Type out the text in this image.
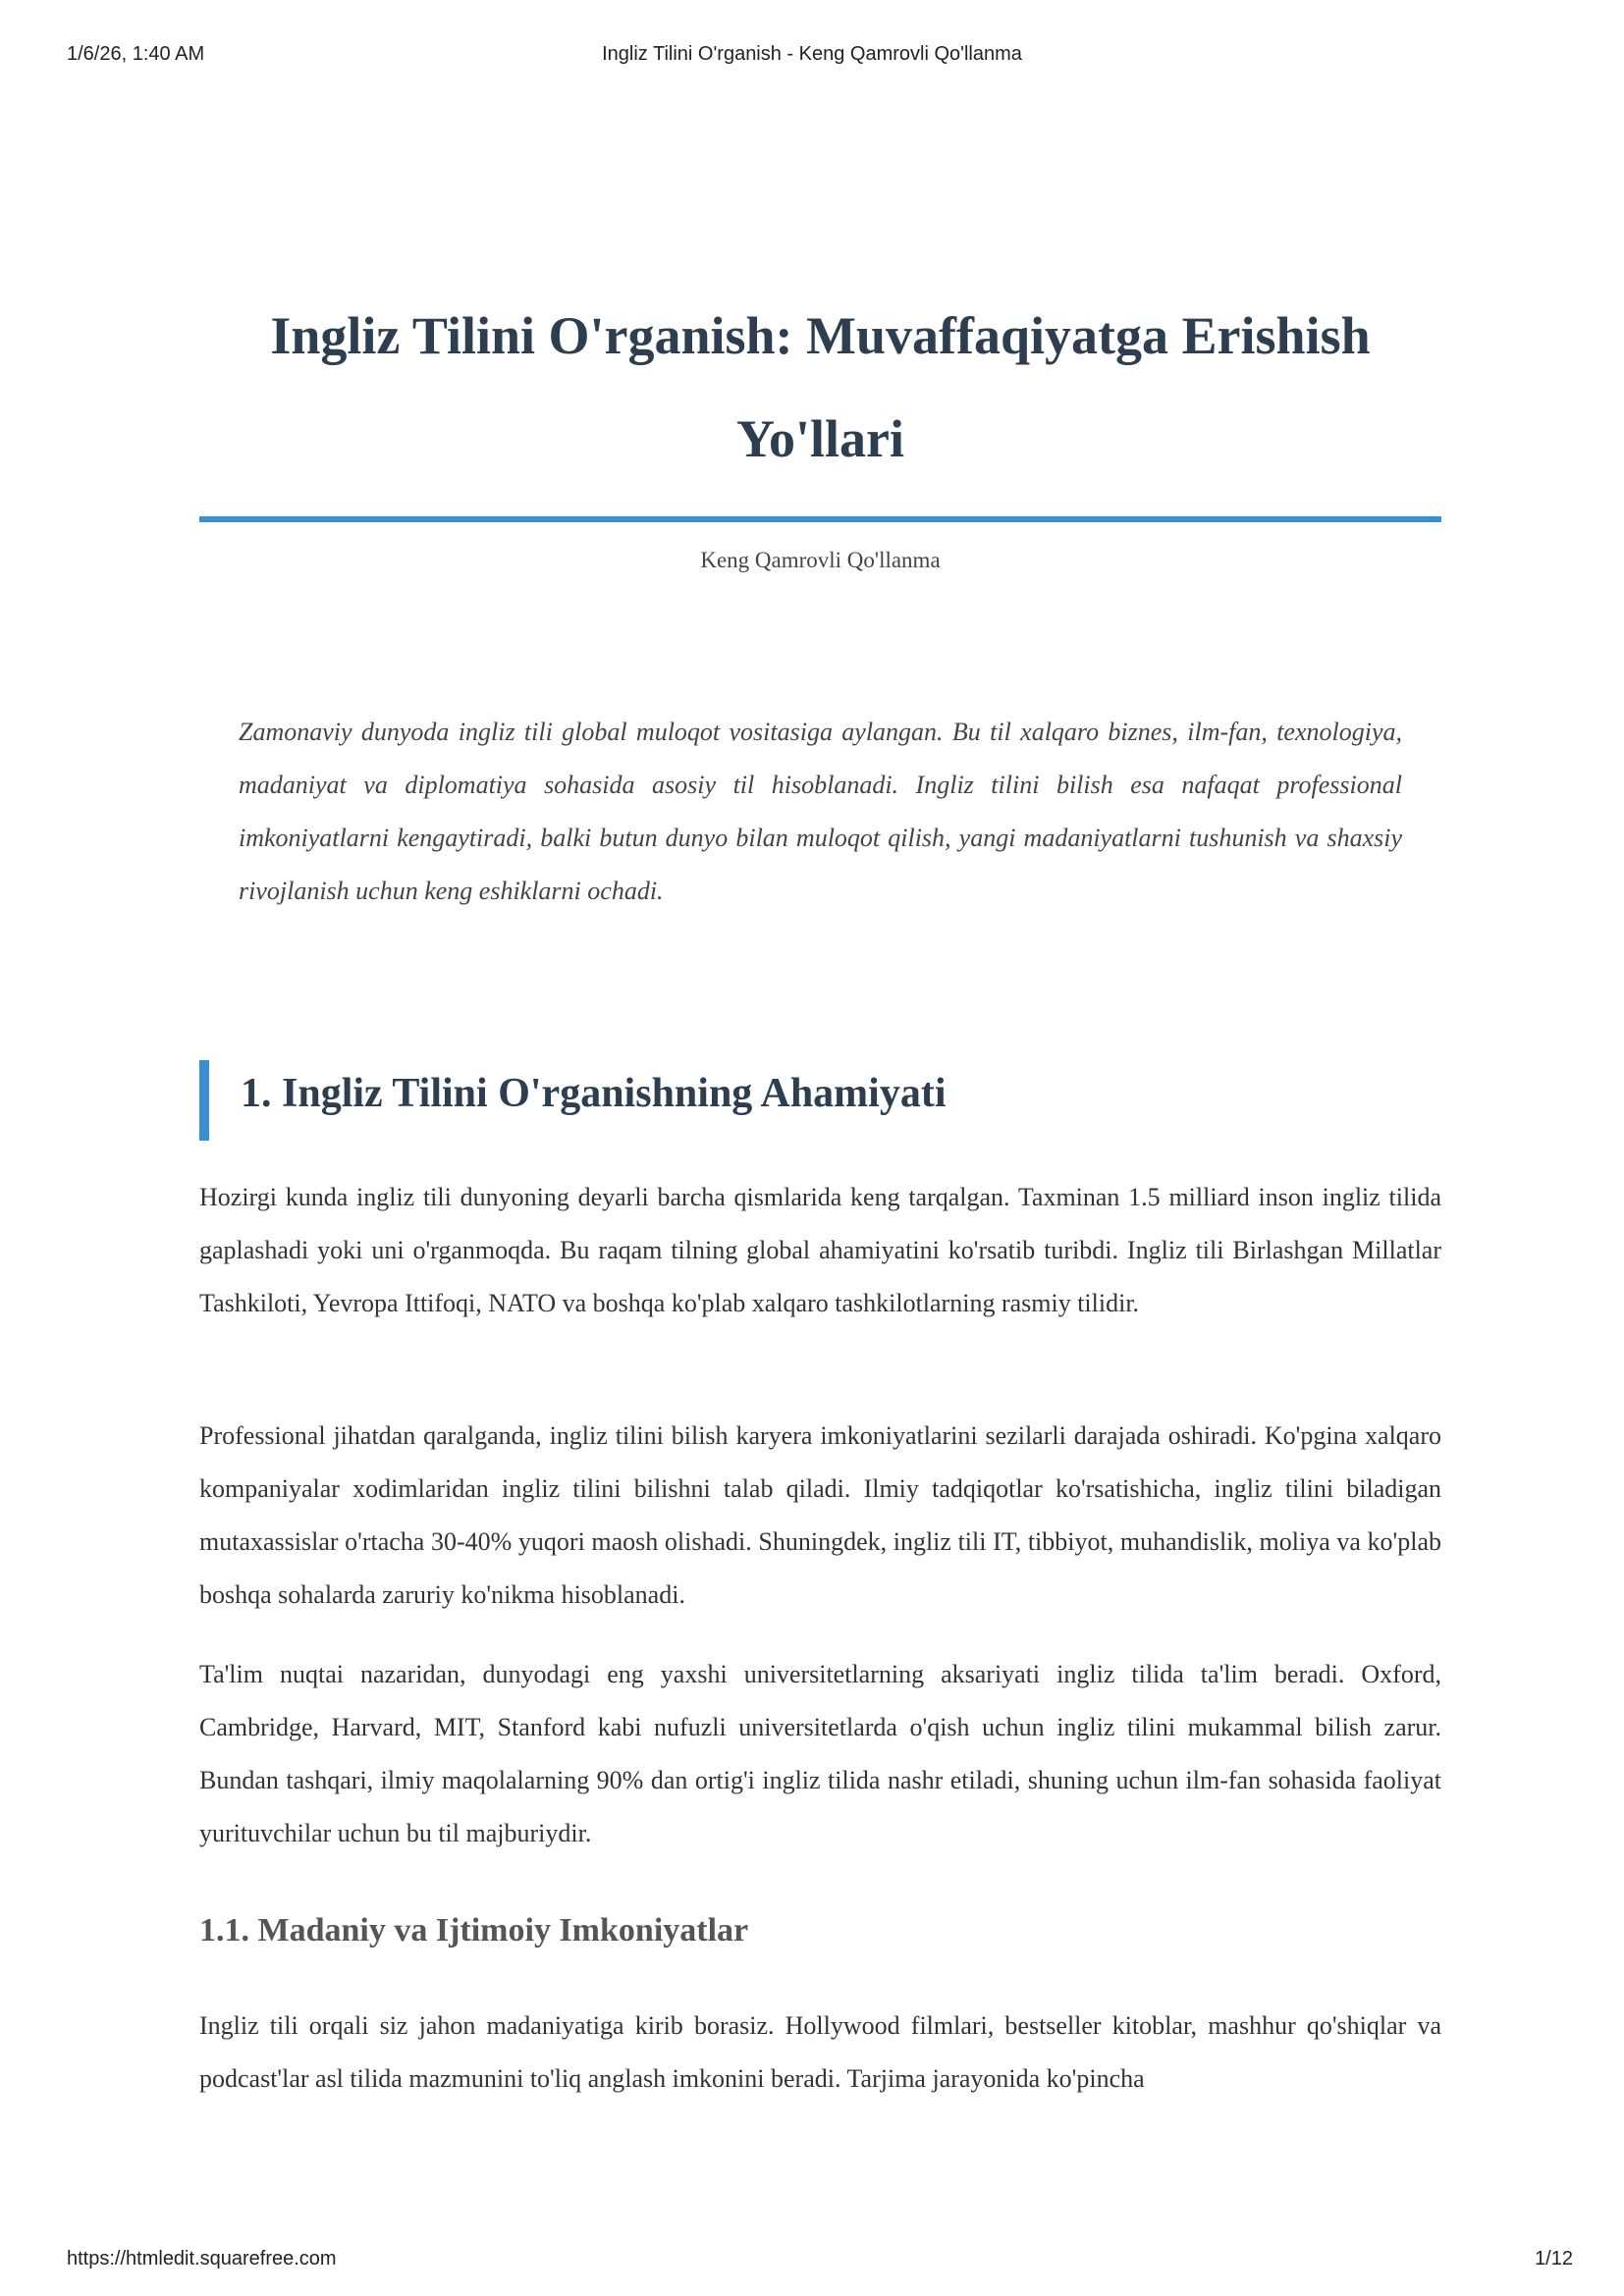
1/6/26, 1:40 AM	Ingliz Tilini O'rganish - Keng Qamrovli Qo'llanma
Ingliz Tilini O'rganish: Muvaffaqiyatga Erishish Yo'llari
Keng Qamrovli Qo'llanma

Zamonaviy dunyoda ingliz tili global muloqot vositasiga aylangan. Bu til xalqaro biznes, ilm-fan, texnologiya, madaniyat va diplomatiya sohasida asosiy til hisoblanadi. Ingliz tilini bilish esa nafaqat professional imkoniyatlarni kengaytiradi, balki butun dunyo bilan muloqot qilish, yangi madaniyatlarni tushunish va shaxsiy rivojlanish uchun keng eshiklarni ochadi.

1. Ingliz Tilini O'rganishning Ahamiyati

Hozirgi kunda ingliz tili dunyoning deyarli barcha qismlarida keng tarqalgan. Taxminan 1.5 milliard inson ingliz tilida gaplashadi yoki uni o'rganmoqda. Bu raqam tilning global ahamiyatini ko'rsatib turibdi. Ingliz tili Birlashgan Millatlar Tashkiloti, Yevropa Ittifoqi, NATO va boshqa ko'plab xalqaro tashkilotlarning rasmiy tilidir.

Professional jihatdan qaralganda, ingliz tilini bilish karyera imkoniyatlarini sezilarli darajada oshiradi. Ko'pgina xalqaro kompaniyalar xodimlaridan ingliz tilini bilishni talab qiladi. Ilmiy tadqiqotlar ko'rsatishicha, ingliz tilini biladigan mutaxassislar o'rtacha 30-40% yuqori maosh olishadi. Shuningdek, ingliz tili IT, tibbiyot, muhandislik, moliya va ko'plab boshqa sohalarda zaruriy ko'nikma hisoblanadi.

Ta'lim nuqtai nazaridan, dunyodagi eng yaxshi universitetlarning aksariyati ingliz tilida ta'lim beradi. Oxford, Cambridge, Harvard, MIT, Stanford kabi nufuzli universitetlarda o'qish uchun ingliz tilini mukammal bilish zarur. Bundan tashqari, ilmiy maqolalarning 90% dan ortig'i ingliz tilida nashr etiladi, shuning uchun ilm-fan sohasida faoliyat yurituvchilar uchun bu til majburiydir.

1.1. Madaniy va Ijtimoiy Imkoniyatlar

Ingliz tili orqali siz jahon madaniyatiga kirib borasiz. Hollywood filmlari, bestseller kitoblar, mashhur qo'shiqlar va podcast'lar asl tilida mazmunini to'liq anglash imkonini beradi. Tarjima jarayonida ko'pincha

https://htmledit.squarefree.com	1/12
